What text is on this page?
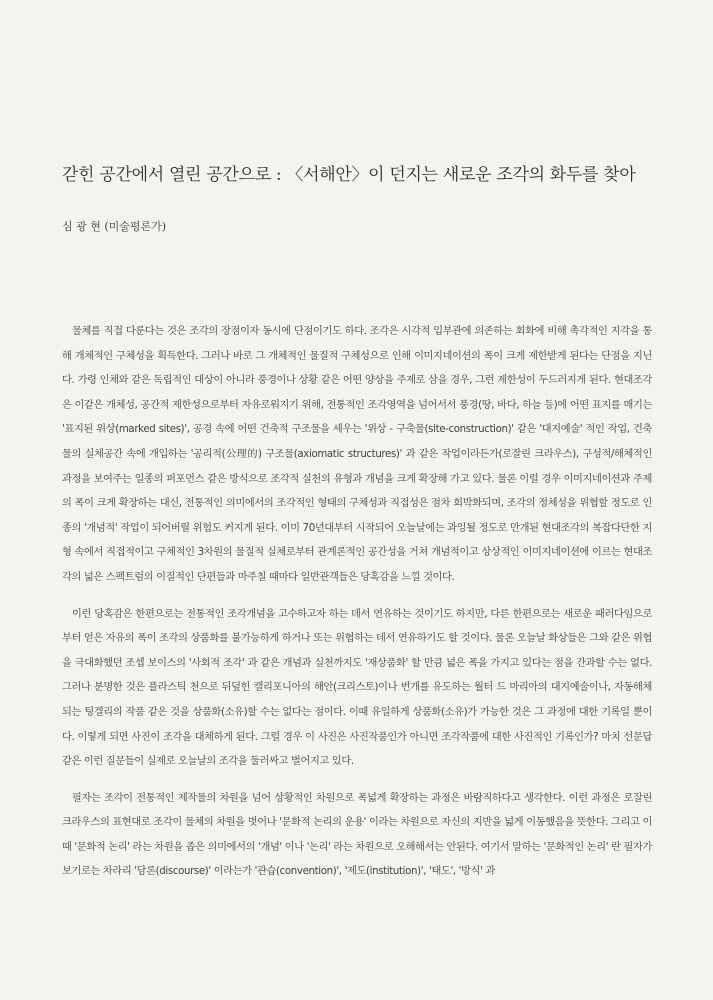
갇힌 공간에서 열린 공간으로 : 〈서해안〉이 던지는 새로운 조각의 화두를 찾아
심 광 현 (미술평론가)

물체를 직접 다룬다는 것은 조각의 장점이자 동시에 단점이기도 하다. 조각은 시각적 입부관에 의존하는 회화에 비해 촉각적인 지각을 통해 개체적인 구체성을 획득한다. 그러나 바로 그 개체적인 물질적 구체성으로 인해 이미지네이션의 폭이 크게 제한받게 된다는 단점을 지닌다. 가령 인체와 같은 독립적인 대상이 아니라 풍경이나 상황 같은 어떤 양상을 주제로 삼을 경우, 그런 제한성이 두드러지게 된다. 현대조각은 이같은 개체성, 공간적 제한성으로부터 자유로워지기 위해, 전통적인 조각영역을 넘어서서 풍경(땅, 바다, 하늘 등)에 어떤 표지를 매기는 '표지된 위상(marked sites)', 공경 속에 어떤 건축적 구조물을 세우는 '위상 - 구축물(site-construction)' 같은 '대지예술' 적인 작업, 건축물의 실체공간 속에 개입하는 '공리적(公理的) 구조물(axiomatic structures)' 과 같은 작업이라든가(로잘린 크라우스), 구성적/해체적인 과정을 보여주는 일종의 퍼포먼스 같은 방식으로 조각적 실천의 유형과 개념을 크게 확장해 가고 있다. 물론 이럴 경우 이미지네이션과 주제의 폭이 크게 확장하는 대신, 전통적인 의미에서의 조각적인 형태의 구체성과 직접성은 점차 희박화되며, 조각의 정체성을 위협할 정도로 인종의 '개념적' 작업이 되어버릴 위험도 커지게 된다. 이미 70년대부터 시작되어 오늘날에는 과잉될 정도로 만개된 현대조각의 복잡다단한 지형 속에서 직접적이고 구체적인 3차원의 물질적 실체로부터 관계론적인 공간성을 거쳐 개념적이고 상상적인 이미지네이션에 이르는 현대조각의 넓은 스펙트럼의 이질적인 단편들과 마주칠 때마다 일반관객들은 당혹감을 느낄 것이다.

이런 당혹감은 한편으로는 전통적인 조각개념을 고수하고자 하는 데서 연유하는 것이기도 하지만, 다른 한편으로는 새로운 패러다임으로부터 얻은 자유의 폭이 조각의 상품화를 불가능하게 하거나 또는 위협하는 데서 연유하기도 할 것이다. 물론 오늘날 화상들은 그와 같은 위협을 극대화했던 조셉 보이스의 '사회적 조각' 과 같은 개념과 실천까지도 '재상품화' 할 만큼 넓은 폭을 가지고 있다는 점을 간과할 수는 없다. 그러나 분명한 것은 플라스틱 천으로 뒤덮힌 캘리포니아의 해안(크리스토)이나 번개를 유도하는 월터 드 마리아의 대지예술이나, 자동해체되는 팅겔리의 작품 같은 것을 상품화(소유)할 수는 없다는 점이다. 이때 유일하게 상품화(소유)가 가능한 것은 그 과정에 대한 기록일 뿐이다. 이렇게 되면 사진이 조각을 대체하게 된다. 그럴 경우 이 사진은 사진작품인가 아니면 조각작품에 대한 사진적인 기록인가? 마치 선문답 같은 이런 질문들이 실제로 오늘날의 조각을 둘러싸고 벌어지고 있다.

필자는 조각이 전통적인 제작물의 차원을 넘어 상황적인 차원으로 폭넓게 확장하는 과정은 바람직하다고 생각한다. 이런 과정은 로잘린 크라우스의 표현대로 조각이 물체의 차원을 벗어나 '문화적 논리의 운용' 이라는 차원으로 자신의 지반을 넓게 이동했음을 뜻한다. 그리고 이 때 '문화적 논리' 라는 차원을 좁은 의미에서의 '개념' 이나 '논리' 라는 차원으로 오해해서는 안된다. 여기서 말하는 '문화적인 논리' 란 필자가 보기로는 차라리 '담론(discourse)' 이라는가 '관습(convention)', '제도(institution)', '태도', '방식' 과
